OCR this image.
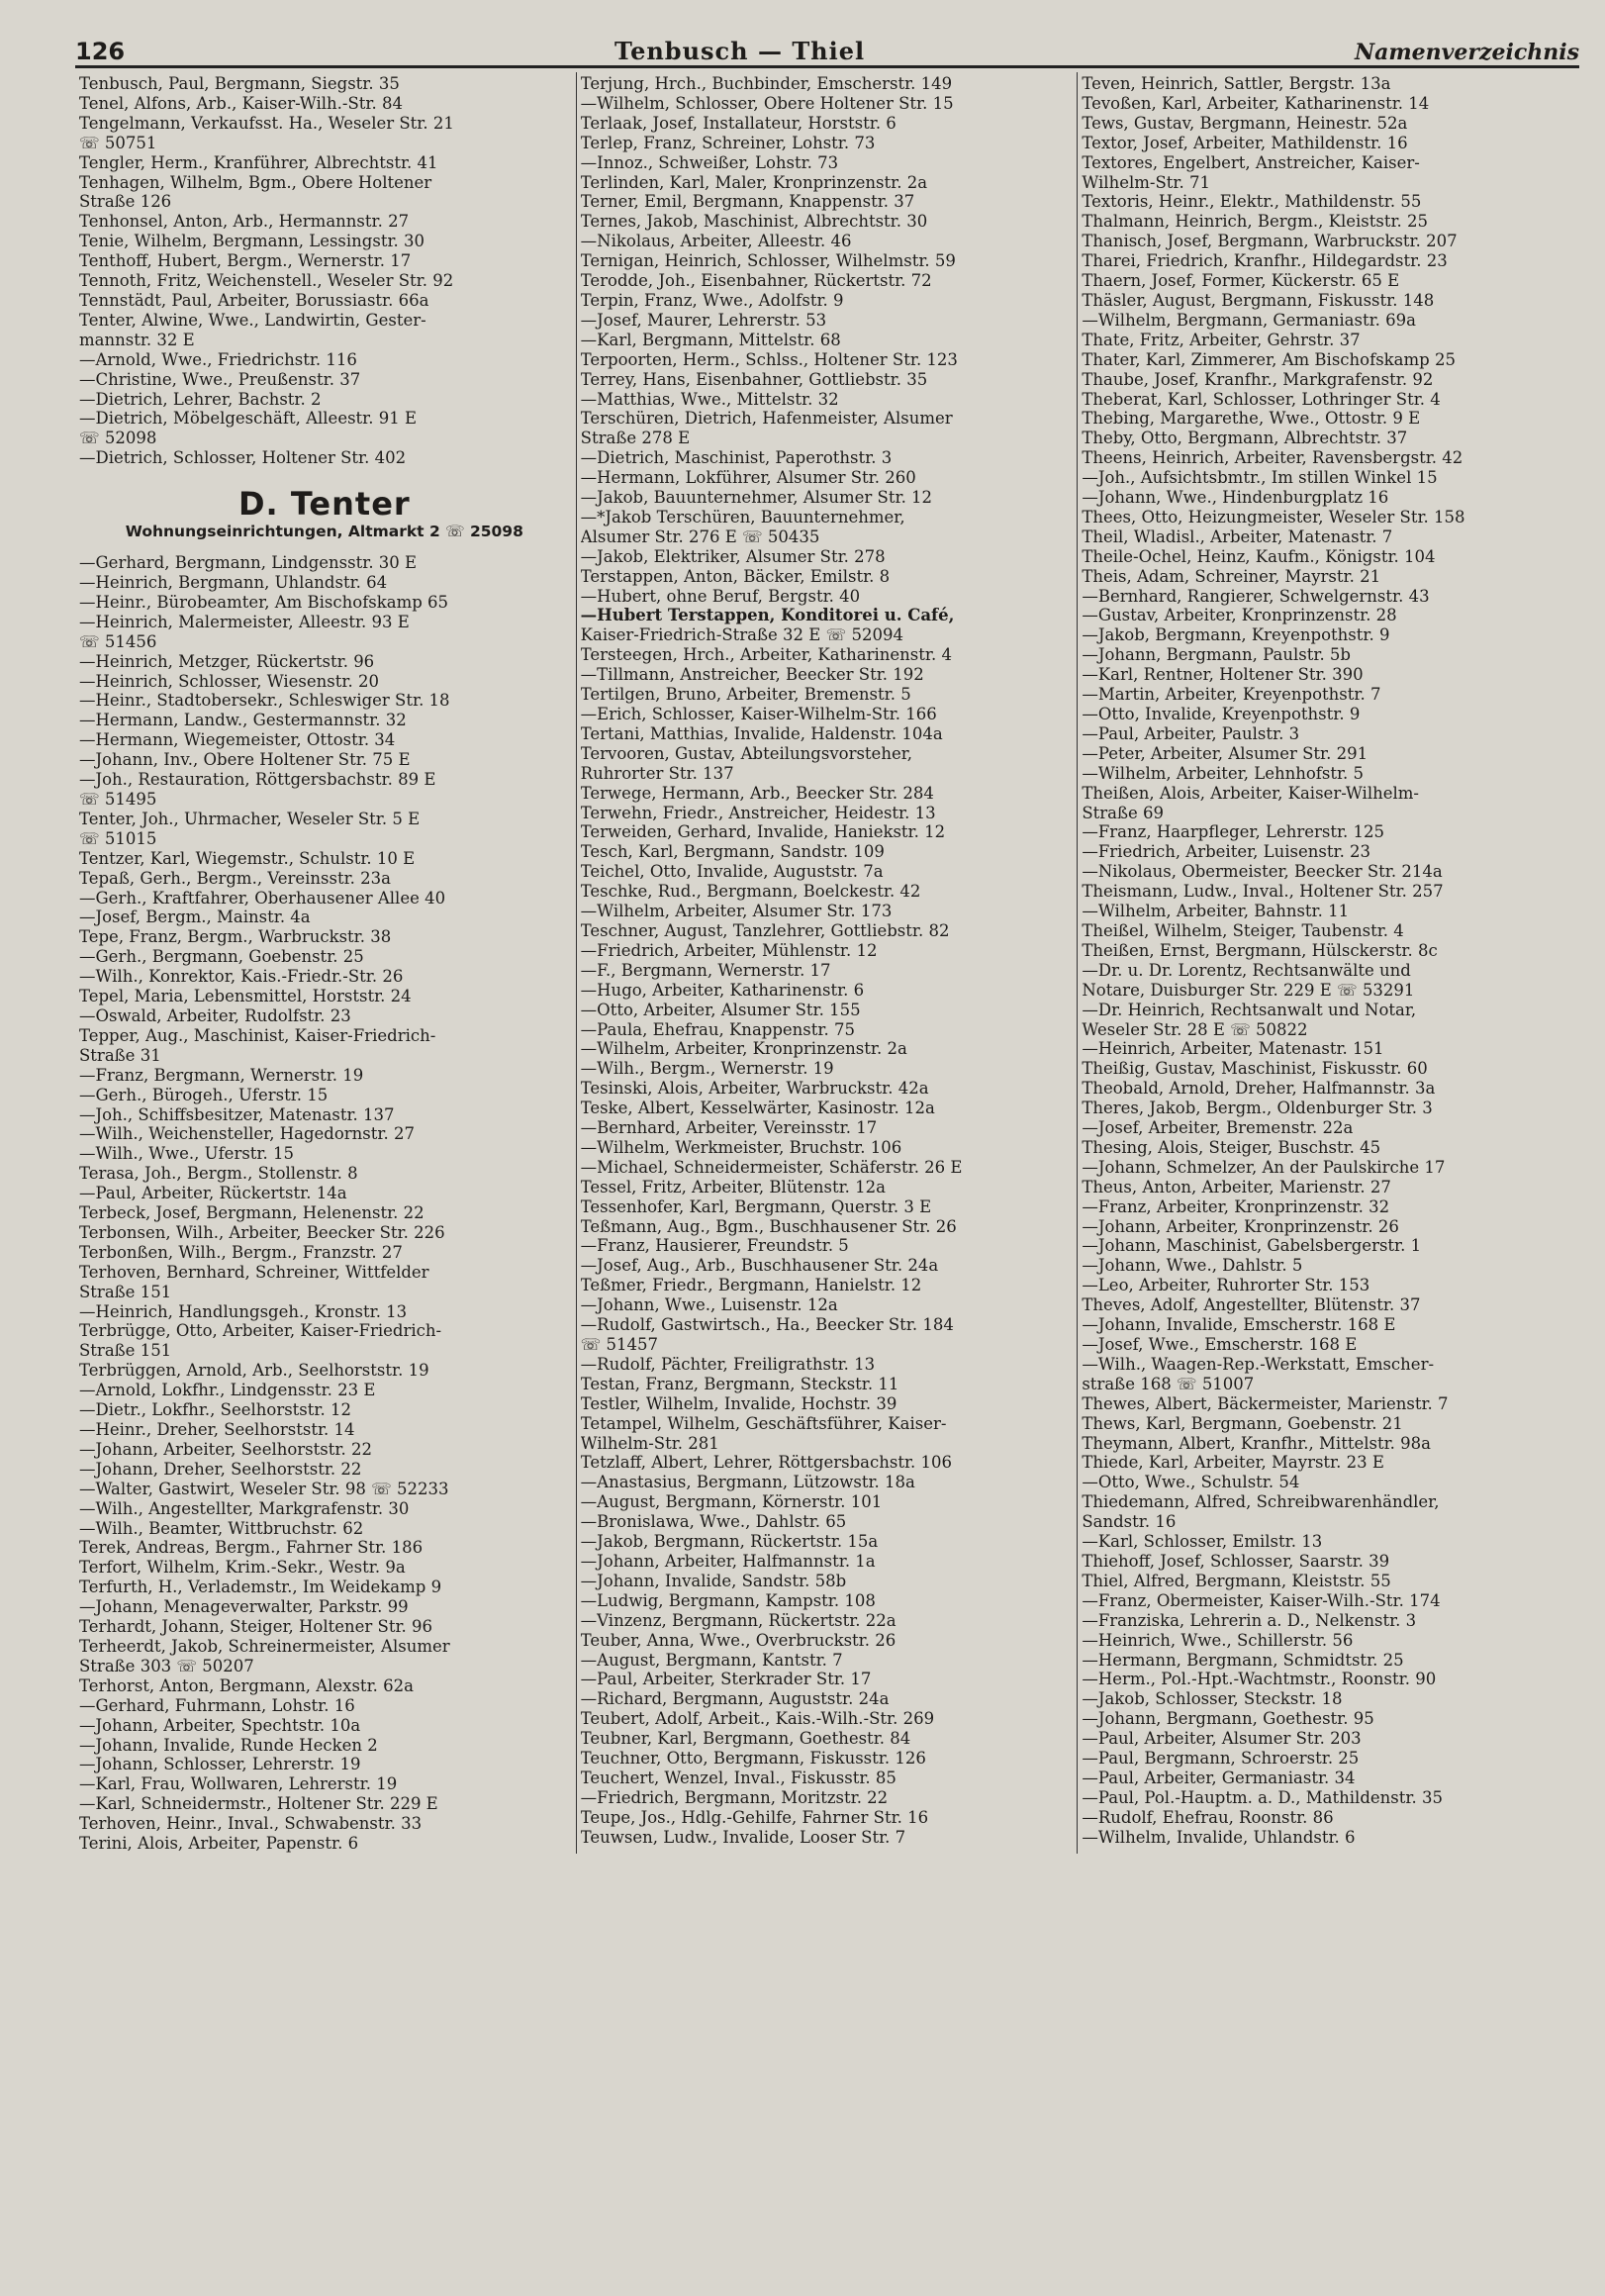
126	Tenbusch — Thiel	Namenverzeichnis
Tenbusch, Paul, Bergmann, Siegstr. 35
Tenel, Alfons, Arb., Kaiser-Wilh.-Str. 84
Tengelmann, Verkaufsst. Ha., Weseler Str. 21
☏ 50751
Tengler, Herm., Kranführer, Albrechtstr. 41
Tenhagen, Wilhelm, Bgm., Obere Holtener
Straße 126
Tenhonsel, Anton, Arb., Hermannstr. 27
Tenie, Wilhelm, Bergmann, Lessingstr. 30
Tenthoff, Hubert, Bergm., Wernerstr. 17
Tennoth, Fritz, Weichenstell., Weseler Str. 92
Tennstädt, Paul, Arbeiter, Borussiastr. 66a
Tenter, Alwine, Wwe., Landwirtin, Gester-
mannstr. 32 E
—Arnold, Wwe., Friedrichstr. 116
—Christine, Wwe., Preußenstr. 37
—Dietrich, Lehrer, Bachstr. 2
—Dietrich, Möbelgeschäft, Alleestr. 91 E
☏ 52098
—Dietrich, Schlosser, Holtener Str. 402
D. Tenter
Wohnungseinrichtungen, Altmarkt 2 ☏ 25098
—Gerhard, Bergmann, Lindgensstr. 30 E
—Heinrich, Bergmann, Uhlandstr. 64
—Heinr., Bürobeamter, Am Bischofskamp 65
—Heinrich, Malermeister, Alleestr. 93 E
☏ 51456
—Heinrich, Metzger, Rückertstr. 96
—Heinrich, Schlosser, Wiesenstr. 20
—Heinr., Stadtobersekr., Schleswiger Str. 18
—Hermann, Landw., Gestermannstr. 32
—Hermann, Wiegemeister, Ottostr. 34
—Johann, Inv., Obere Holtener Str. 75 E
—Joh., Restauration, Röttgersbachstr. 89 E
☏ 51495
Tenter, Joh., Uhrmacher, Weseler Str. 5 E
☏ 51015
Tentzer, Karl, Wiegemstr., Schulstr. 10 E
Tepaß, Gerh., Bergm., Vereinsstr. 23a
—Gerh., Kraftfahrer, Oberhausener Allee 40
—Josef, Bergm., Mainstr. 4a
Tepe, Franz, Bergm., Warbruckstr. 38
—Gerh., Bergmann, Goebenstr. 25
—Wilh., Konrektor, Kais.-Friedr.-Str. 26
Tepel, Maria, Lebensmittel, Horststr. 24
—Oswald, Arbeiter, Rudolfstr. 23
Tepper, Aug., Maschinist, Kaiser-Friedrich-
Straße 31
—Franz, Bergmann, Wernerstr. 19
—Gerh., Bürogeh., Uferstr. 15
—Joh., Schiffsbesitzer, Matenastr. 137
—Wilh., Weichensteller, Hagedornstr. 27
—Wilh., Wwe., Uferstr. 15
Terasa, Joh., Bergm., Stollenstr. 8
—Paul, Arbeiter, Rückertstr. 14a
Terbeck, Josef, Bergmann, Helenenstr. 22
Terbonsen, Wilh., Arbeiter, Beecker Str. 226
Terbonßen, Wilh., Bergm., Franzstr. 27
Terhoven, Bernhard, Schreiner, Wittfelder
Straße 151
—Heinrich, Handlungsgeh., Kronstr. 13
Terbrügge, Otto, Arbeiter, Kaiser-Friedrich-
Straße 151
Terbrüggen, Arnold, Arb., Seelhorststr. 19
—Arnold, Lokfhr., Lindgensstr. 23 E
—Dietr., Lokfhr., Seelhorststr. 12
—Heinr., Dreher, Seelhorststr. 14
—Johann, Arbeiter, Seelhorststr. 22
—Johann, Dreher, Seelhorststr. 22
—Walter, Gastwirt, Weseler Str. 98 ☏ 52233
—Wilh., Angestellter, Markgrafenstr. 30
—Wilh., Beamter, Wittbruchstr. 62
Terek, Andreas, Bergm., Fahrner Str. 186
Terfort, Wilhelm, Krim.-Sekr., Westr. 9a
Terfurth, H., Verlademstr., Im Weidekamp 9
—Johann, Menageverwalter, Parkstr. 99
Terhardt, Johann, Steiger, Holtener Str. 96
Terheerdt, Jakob, Schreinermeister, Alsumer
Straße 303 ☏ 50207
Terhorst, Anton, Bergmann, Alexstr. 62a
—Gerhard, Fuhrmann, Lohstr. 16
—Johann, Arbeiter, Spechtstr. 10a
—Johann, Invalide, Runde Hecken 2
—Johann, Schlosser, Lehrerstr. 19
—Karl, Frau, Wollwaren, Lehrerstr. 19
—Karl, Schneidermstr., Holtener Str. 229 E
Terhoven, Heinr., Inval., Schwabenstr. 33
Terini, Alois, Arbeiter, Papenstr. 6
Terjung, Hrch., Buchbinder, Emscherstr. 149
—Wilhelm, Schlosser, Obere Holtener Str. 15
Terlaak, Josef, Installateur, Horststr. 6
Terlep, Franz, Schreiner, Lohstr. 73
—Innoz., Schweißer, Lohstr. 73
Terlinden, Karl, Maler, Kronprinzenstr. 2a
Terner, Emil, Bergmann, Knappenstr. 37
Ternes, Jakob, Maschinist, Albrechtstr. 30
—Nikolaus, Arbeiter, Alleestr. 46
Ternigan, Heinrich, Schlosser, Wilhelmstr. 59
Terodde, Joh., Eisenbahner, Rückertstr. 72
Terpin, Franz, Wwe., Adolfstr. 9
—Josef, Maurer, Lehrerstr. 53
—Karl, Bergmann, Mittelstr. 68
Terpoorten, Herm., Schlss., Holtener Str. 123
Terrey, Hans, Eisenbahner, Gottliebstr. 35
—Matthias, Wwe., Mittelstr. 32
Terschüren, Dietrich, Hafenmeister, Alsumer
Straße 278 E
—Dietrich, Maschinist, Paperothstr. 3
—Hermann, Lokführer, Alsumer Str. 260
—Jakob, Bauunternehmer, Alsumer Str. 12
—*Jakob Terschüren, Bauunternehmer,
Alsumer Str. 276 E ☏ 50435
—Jakob, Elektriker, Alsumer Str. 278
Terstappen, Anton, Bäcker, Emilstr. 8
—Hubert, ohne Beruf, Bergstr. 40
—Hubert Terstappen, Konditorei u. Café,
Kaiser-Friedrich-Straße 32 E ☏ 52094
Tersteegen, Hrch., Arbeiter, Katharinenstr. 4
—Tillmann, Anstreicher, Beecker Str. 192
Tertilgen, Bruno, Arbeiter, Bremenstr. 5
—Erich, Schlosser, Kaiser-Wilhelm-Str. 166
Tertani, Matthias, Invalide, Haldenstr. 104a
Tervooren, Gustav, Abteilungsvorsteher,
Ruhrorter Str. 137
Terwege, Hermann, Arb., Beecker Str. 284
Terwehn, Friedr., Anstreicher, Heidestr. 13
Terweiden, Gerhard, Invalide, Haniekstr. 12
Tesch, Karl, Bergmann, Sandstr. 109
Teichel, Otto, Invalide, Auguststr. 7a
Teschke, Rud., Bergmann, Boelckestr. 42
—Wilhelm, Arbeiter, Alsumer Str. 173
Teschner, August, Tanzlehrer, Gottliebstr. 82
—Friedrich, Arbeiter, Mühlenstr. 12
—F., Bergmann, Wernerstr. 17
—Hugo, Arbeiter, Katharinenstr. 6
—Otto, Arbeiter, Alsumer Str. 155
—Paula, Ehefrau, Knappenstr. 75
—Wilhelm, Arbeiter, Kronprinzenstr. 2a
—Wilh., Bergm., Wernerstr. 19
Tesinski, Alois, Arbeiter, Warbruckstr. 42a
Teske, Albert, Kesselwärter, Kasinostr. 12a
—Bernhard, Arbeiter, Vereinsstr. 17
—Wilhelm, Werkmeister, Bruchstr. 106
—Michael, Schneidermeister, Schäferstr. 26 E
Tessel, Fritz, Arbeiter, Blütenstr. 12a
Tessenhofer, Karl, Bergmann, Querstr. 3 E
Teßmann, Aug., Bgm., Buschhausener Str. 26
—Franz, Hausierer, Freundstr. 5
—Josef, Aug., Arb., Buschhausener Str. 24a
Teßmer, Friedr., Bergmann, Hanielstr. 12
—Johann, Wwe., Luisenstr. 12a
—Rudolf, Gastwirtsch., Ha., Beecker Str. 184
☏ 51457
—Rudolf, Pächter, Freiligrathstr. 13
Testan, Franz, Bergmann, Steckstr. 11
Testler, Wilhelm, Invalide, Hochstr. 39
Tetampel, Wilhelm, Geschäftsführer, Kaiser-
Wilhelm-Str. 281
Tetzlaff, Albert, Lehrer, Röttgersbachstr. 106
—Anastasius, Bergmann, Lützowstr. 18a
—August, Bergmann, Körnerstr. 101
—Bronislawa, Wwe., Dahlstr. 65
—Jakob, Bergmann, Rückertstr. 15a
—Johann, Arbeiter, Halfmannstr. 1a
—Johann, Invalide, Sandstr. 58b
—Ludwig, Bergmann, Kampstr. 108
—Vinzenz, Bergmann, Rückertstr. 22a
Teuber, Anna, Wwe., Overbruckstr. 26
—August, Bergmann, Kantstr. 7
—Paul, Arbeiter, Sterkrader Str. 17
—Richard, Bergmann, Auguststr. 24a
Teubert, Adolf, Arbeit., Kais.-Wilh.-Str. 269
Teubner, Karl, Bergmann, Goethestr. 84
Teuchner, Otto, Bergmann, Fiskusstr. 126
Teuchert, Wenzel, Inval., Fiskusstr. 85
—Friedrich, Bergmann, Moritzstr. 22
Teupe, Jos., Hdlg.-Gehilfe, Fahrner Str. 16
Teuwsen, Ludw., Invalide, Looser Str. 7
Teven, Heinrich, Sattler, Bergstr. 13a
Tevoßen, Karl, Arbeiter, Katharinenstr. 14
Tews, Gustav, Bergmann, Heinestr. 52a
Textor, Josef, Arbeiter, Mathildenstr. 16
Textores, Engelbert, Anstreicher, Kaiser-
Wilhelm-Str. 71
Textoris, Heinr., Elektr., Mathildenstr. 55
Thalmann, Heinrich, Bergm., Kleiststr. 25
Thanisch, Josef, Bergmann, Warbruckstr. 207
Tharei, Friedrich, Kranfhr., Hildegardstr. 23
Thaern, Josef, Former, Kückerstr. 65 E
Thäsler, August, Bergmann, Fiskusstr. 148
—Wilhelm, Bergmann, Germaniastr. 69a
Thate, Fritz, Arbeiter, Gehrstr. 37
Thater, Karl, Zimmerer, Am Bischofskamp 25
Thaube, Josef, Kranfhr., Markgrafenstr. 92
Theberat, Karl, Schlosser, Lothringer Str. 4
Thebing, Margarethe, Wwe., Ottostr. 9 E
Theby, Otto, Bergmann, Albrechtstr. 37
Theens, Heinrich, Arbeiter, Ravensbergstr. 42
—Joh., Aufsichtsbmtr., Im stillen Winkel 15
—Johann, Wwe., Hindenburgplatz 16
Thees, Otto, Heizungmeister, Weseler Str. 158
Theil, Wladisl., Arbeiter, Matenastr. 7
Theile-Ochel, Heinz, Kaufm., Königstr. 104
Theis, Adam, Schreiner, Mayrstr. 21
—Bernhard, Rangierer, Schwelgernstr. 43
—Gustav, Arbeiter, Kronprinzenstr. 28
—Jakob, Bergmann, Kreyenpothstr. 9
—Johann, Bergmann, Paulstr. 5b
—Karl, Rentner, Holtener Str. 390
—Martin, Arbeiter, Kreyenpothstr. 7
—Otto, Invalide, Kreyenpothstr. 9
—Paul, Arbeiter, Paulstr. 3
—Peter, Arbeiter, Alsumer Str. 291
—Wilhelm, Arbeiter, Lehnhofstr. 5
Theißen, Alois, Arbeiter, Kaiser-Wilhelm-
Straße 69
—Franz, Haarpfleger, Lehrerstr. 125
—Friedrich, Arbeiter, Luisenstr. 23
—Nikolaus, Obermeister, Beecker Str. 214a
Theismann, Ludw., Inval., Holtener Str. 257
—Wilhelm, Arbeiter, Bahnstr. 11
Theißel, Wilhelm, Steiger, Taubenstr. 4
Theißen, Ernst, Bergmann, Hülsckerstr. 8c
—Dr. u. Dr. Lorentz, Rechtsanwälte und
Notare, Duisburger Str. 229 E ☏ 53291
—Dr. Heinrich, Rechtsanwalt und Notar,
Weseler Str. 28 E ☏ 50822
—Heinrich, Arbeiter, Matenastr. 151
Theißig, Gustav, Maschinist, Fiskusstr. 60
Theobald, Arnold, Dreher, Halfmannstr. 3a
Theres, Jakob, Bergm., Oldenburger Str. 3
—Josef, Arbeiter, Bremenstr. 22a
Thesing, Alois, Steiger, Buschstr. 45
—Johann, Schmelzer, An der Paulskirche 17
Theus, Anton, Arbeiter, Marienstr. 27
—Franz, Arbeiter, Kronprinzenstr. 32
—Johann, Arbeiter, Kronprinzenstr. 26
—Johann, Maschinist, Gabelsbergerstr. 1
—Johann, Wwe., Dahlstr. 5
—Leo, Arbeiter, Ruhrorter Str. 153
Theves, Adolf, Angestellter, Blütenstr. 37
—Johann, Invalide, Emscherstr. 168 E
—Josef, Wwe., Emscherstr. 168 E
—Wilh., Waagen-Rep.-Werkstatt, Emscher-
straße 168 ☏ 51007
Thewes, Albert, Bäckermeister, Marienstr. 7
Thews, Karl, Bergmann, Goebenstr. 21
Theymann, Albert, Kranfhr., Mittelstr. 98a
Thiede, Karl, Arbeiter, Mayrstr. 23 E
—Otto, Wwe., Schulstr. 54
Thiedemann, Alfred, Schreibwarenhändler,
Sandstr. 16
—Karl, Schlosser, Emilstr. 13
Thiehoff, Josef, Schlosser, Saarstr. 39
Thiel, Alfred, Bergmann, Kleiststr. 55
—Franz, Obermeister, Kaiser-Wilh.-Str. 174
—Franziska, Lehrerin a. D., Nelkenstr. 3
—Heinrich, Wwe., Schillerstr. 56
—Hermann, Bergmann, Schmidtstr. 25
—Herm., Pol.-Hpt.-Wachtmstr., Roonstr. 90
—Jakob, Schlosser, Steckstr. 18
—Johann, Bergmann, Goethestr. 95
—Paul, Arbeiter, Alsumer Str. 203
—Paul, Bergmann, Schroerstr. 25
—Paul, Arbeiter, Germaniastr. 34
—Paul, Pol.-Hauptm. a. D., Mathildenstr. 35
—Rudolf, Ehefrau, Roonstr. 86
—Wilhelm, Invalide, Uhlandstr. 6
